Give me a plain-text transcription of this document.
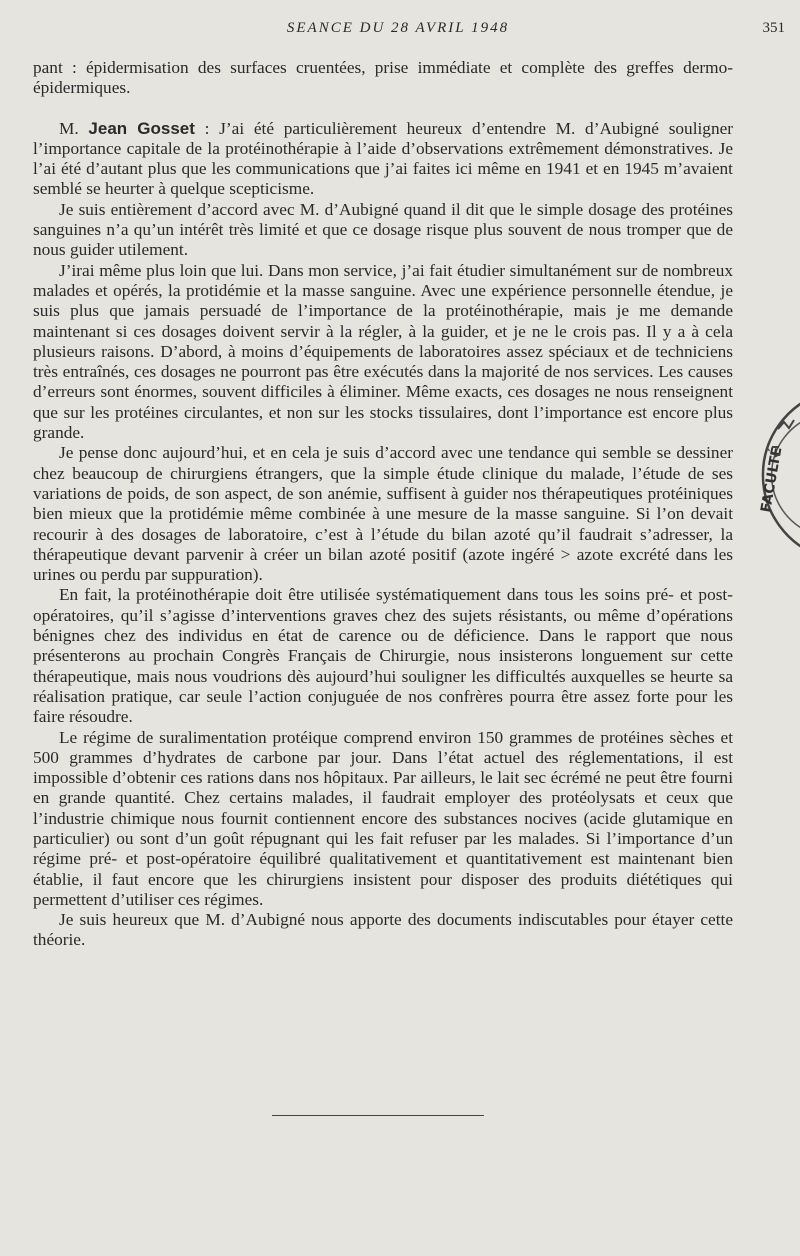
SEANCE DU 28 AVRIL 1948	351

pant : épidermisation des surfaces cruentées, prise immédiate et complète des greffes dermo-épidermiques.

M. Jean Gosset : J’ai été particulièrement heureux d’entendre M. d’Aubigné souligner l’importance capitale de la protéinothérapie à l’aide d’observations extrêmement démonstratives. Je l’ai été d’autant plus que les communications que j’ai faites ici même en 1941 et en 1945 m’avaient semblé se heurter à quelque scepticisme.

Je suis entièrement d’accord avec M. d’Aubigné quand il dit que le simple dosage des protéines sanguines n’a qu’un intérêt très limité et que ce dosage risque plus souvent de nous tromper que de nous guider utilement.

J’irai même plus loin que lui. Dans mon service, j’ai fait étudier simultanément sur de nombreux malades et opérés, la protidémie et la masse sanguine. Avec une expérience personnelle étendue, je suis plus que jamais persuadé de l’importance de la protéinothérapie, mais je me demande maintenant si ces dosages doivent servir à la régler, à la guider, et je ne le crois pas. Il y a à cela plusieurs raisons. D’abord, à moins d’équipements de laboratoires assez spéciaux et de techniciens très entraînés, ces dosages ne pourront pas être exécutés dans la majorité de nos services. Les causes d’erreurs sont énormes, souvent difficiles à éliminer. Même exacts, ces dosages ne nous renseignent que sur les protéines circulantes, et non sur les stocks tissulaires, dont l’importance est encore plus grande.

Je pense donc aujourd’hui, et en cela je suis d’accord avec une tendance qui semble se dessiner chez beaucoup de chirurgiens étrangers, que la simple étude clinique du malade, l’étude de ses variations de poids, de son aspect, de son anémie, suffisent à guider nos thérapeutiques protéiniques bien mieux que la protidémie même combinée à une mesure de la masse sanguine. Si l’on devait recourir à des dosages de laboratoire, c’est à l’étude du bilan azoté qu’il faudrait s’adresser, la thérapeutique devant parvenir à créer un bilan azoté positif (azote ingéré > azote excrété dans les urines ou perdu par suppuration).

En fait, la protéinothérapie doit être utilisée systématiquement dans tous les soins pré- et post-opératoires, qu’il s’agisse d’interventions graves chez des sujets résistants, ou même d’opérations bénignes chez des individus en état de carence ou de déficience. Dans le rapport que nous présenterons au prochain Congrès Français de Chirurgie, nous insisterons longuement sur cette thérapeutique, mais nous voudrions dès aujourd’hui souligner les difficultés auxquelles se heurte sa réalisation pratique, car seule l’action conjuguée de nos confrères pourra être assez forte pour les faire résoudre.

Le régime de suralimentation protéique comprend environ 150 grammes de protéines sèches et 500 grammes d’hydrates de carbone par jour. Dans l’état actuel des réglementations, il est impossible d’obtenir ces rations dans nos hôpitaux. Par ailleurs, le lait sec écrémé ne peut être fourni en grande quantité. Chez certains malades, il faudrait employer des protéolysats et ceux que l’industrie chimique nous fournit contiennent encore des substances nocives (acide glutamique en particulier) ou sont d’un goût répugnant qui les fait refuser par les malades. Si l’importance d’un régime pré- et post-opératoire équilibré qualitativement et quantitativement est maintenant bien établie, il faut encore que les chirurgiens insistent pour disposer des produits diététiques qui permettent d’utiliser ces régimes.

Je suis heureux que M. d’Aubigné nous apporte des documents indiscutables pour étayer cette théorie.

FACULTÉ
